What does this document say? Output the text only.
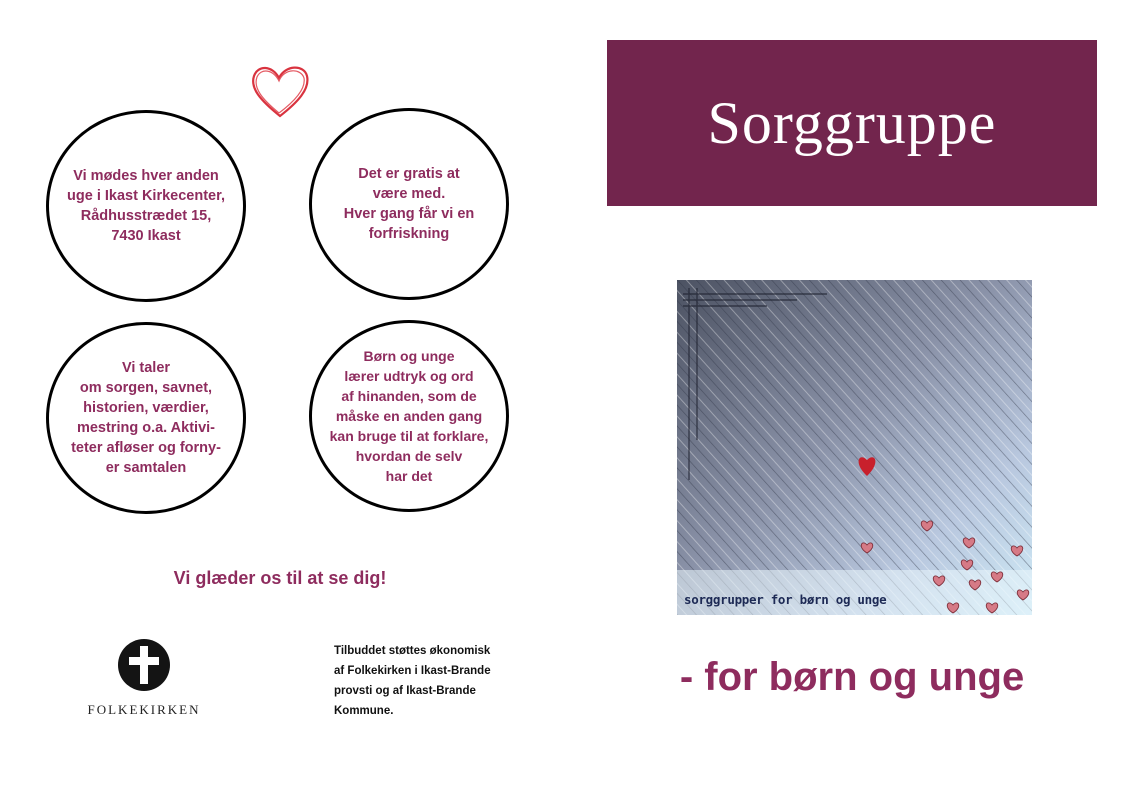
Vi mødes hver anden
uge i Ikast Kirkecenter,
Rådhusstrædet 15,
7430 Ikast
Det er gratis at
være med.
Hver gang får vi en
forfriskning
Vi taler
om sorgen, savnet,
historien, værdier,
mestring o.a. Aktivi-
teter afløser og forny-
er samtalen
Børn og unge
lærer udtryk og ord
af hinanden, som de
måske en anden gang
kan bruge til at forklare,
hvordan de selv
har det
Vi glæder os til at se dig!
FOLKEKIRKEN
Tilbuddet støttes økonomisk
af Folkekirken i Ikast-Brande
provsti og af Ikast-Brande
Kommune.
Sorggruppe
sorggrupper for børn og unge
- for børn og unge
